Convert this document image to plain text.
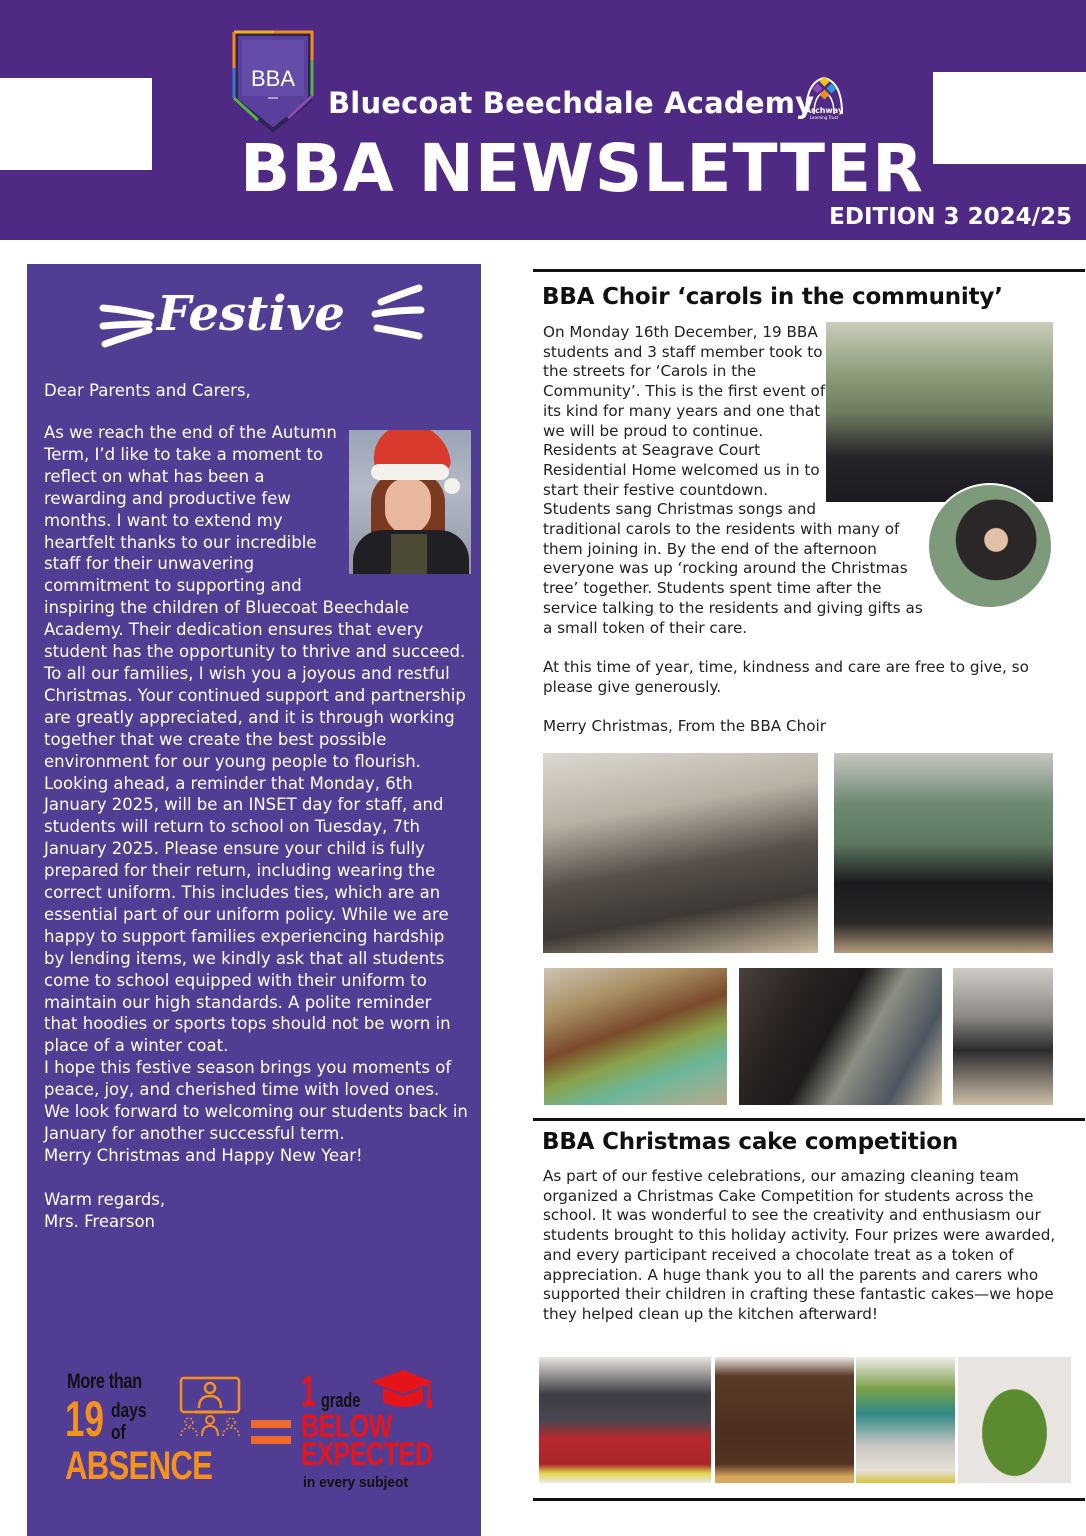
BBA
Bluecoat Beechdale Academy
Archway
Learning Trust
BBA NEWSLETTER
EDITION 3 2024/25
Festive
Dear Parents and Carers,

As we reach the end of the Autumn Term, I’d like to take a moment to reflect on what has been a rewarding and productive few months. I want to extend my heartfelt thanks to our incredible staff for their unwavering commitment to supporting and inspiring the children of Bluecoat Beechdale Academy. Their dedication ensures that every student has the opportunity to thrive and succeed.

To all our families, I wish you a joyous and restful Christmas. Your continued support and partnership are greatly appreciated, and it is through working together that we create the best possible environment for our young people to flourish.

Looking ahead, a reminder that Monday, 6th January 2025, will be an INSET day for staff, and students will return to school on Tuesday, 7th January 2025. Please ensure your child is fully prepared for their return, including wearing the correct uniform. This includes ties, which are an essential part of our uniform policy. While we are happy to support families experiencing hardship by lending items, we kindly ask that all students come to school equipped with their uniform to maintain our high standards. A polite reminder that hoodies or sports tops should not be worn in place of a winter coat.

I hope this festive season brings you moments of peace, joy, and cherished time with loved ones. We look forward to welcoming our students back in January for another successful term.

Merry Christmas and Happy New Year!

Warm regards,

Mrs. Frearson

More than
19 days
of
ABSENCE
1 grade
BELOW
EXPECTED
in every subjeot
BBA Choir ‘carols in the community’

On Monday 16th December, 19 BBA students and 3 staff member took to the streets for ‘Carols in the Community’. This is the first event of its kind for many years and one that we will be proud to continue. Residents at Seagrave Court Residential Home welcomed us in to start their festive countdown. Students sang Christmas songs and traditional carols to the residents with many of them joining in. By the end of the afternoon everyone was up ‘rocking around the Christmas tree’ together. Students spent time after the service talking to the residents and giving gifts as a small token of their care.

At this time of year, time, kindness and care are free to give, so please give generously.

Merry Christmas, From the BBA Choir

BBA Christmas cake competition

As part of our festive celebrations, our amazing cleaning team organized a Christmas Cake Competition for students across the school. It was wonderful to see the creativity and enthusiasm our students brought to this holiday activity. Four prizes were awarded, and every participant received a chocolate treat as a token of appreciation. A huge thank you to all the parents and carers who supported their children in crafting these fantastic cakes—we hope they helped clean up the kitchen afterward!
